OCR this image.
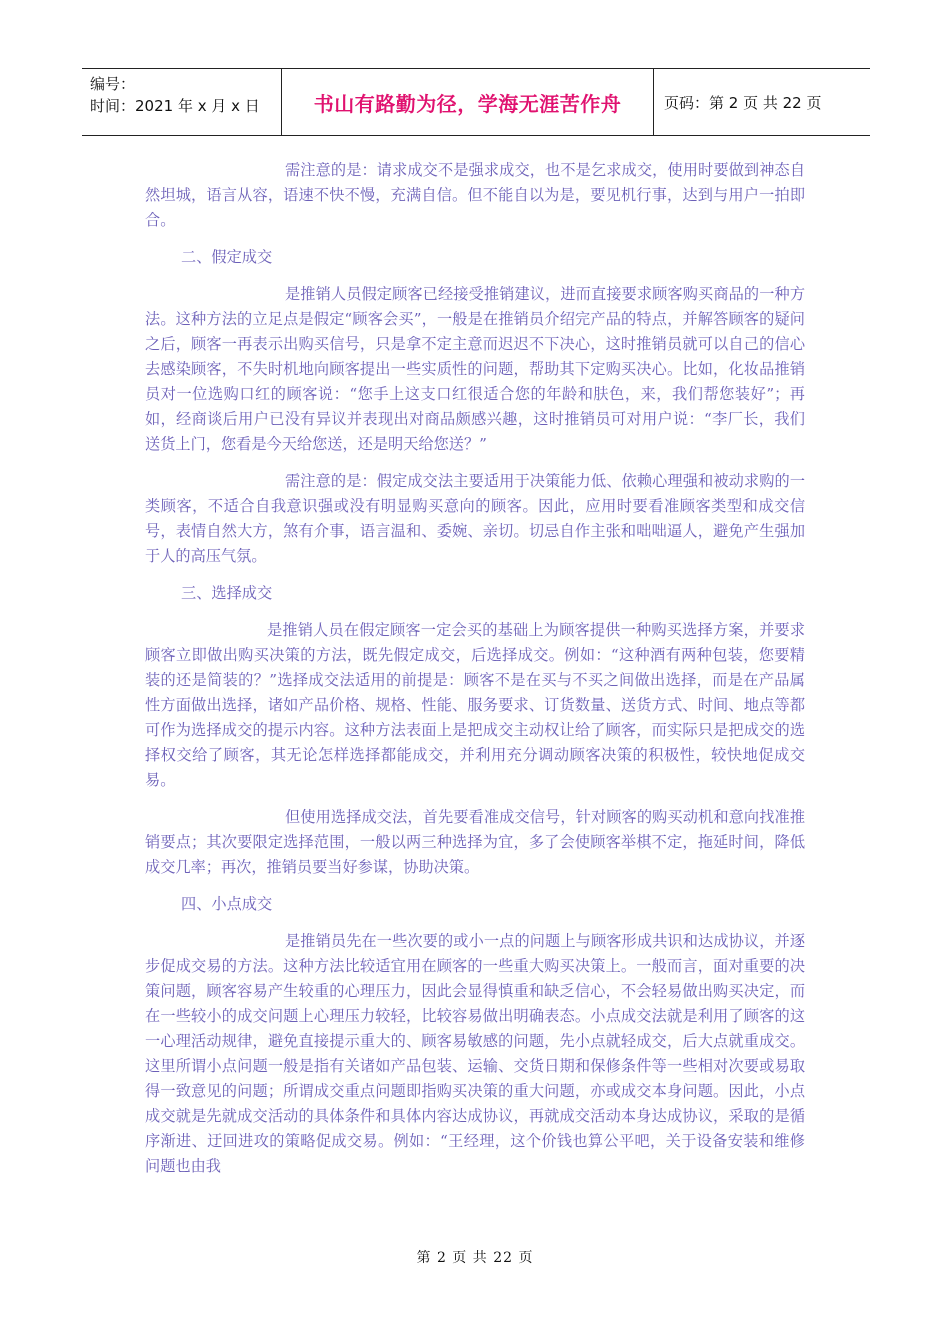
编号：
时间：2021 年 x 月 x 日	书山有路勤为径，学海无涯苦作舟	页码：第 2 页 共 22 页

需注意的是：请求成交不是强求成交，也不是乞求成交，使用时要做到神态自然坦城，语言从容，语速不快不慢，充满自信。但不能自以为是，要见机行事，达到与用户一拍即合。

二、假定成交

是推销人员假定顾客已经接受推销建议，进而直接要求顾客购买商品的一种方法。这种方法的立足点是假定“顾客会买”，一般是在推销员介绍完产品的特点，并解答顾客的疑问之后，顾客一再表示出购买信号，只是拿不定主意而迟迟不下决心，这时推销员就可以自己的信心去感染顾客，不失时机地向顾客提出一些实质性的问题，帮助其下定购买决心。比如，化妆品推销员对一位选购口红的顾客说：“您手上这支口红很适合您的年龄和肤色，来，我们帮您装好”；再如，经商谈后用户已没有异议并表现出对商品颇感兴趣，这时推销员可对用户说：“李厂长，我们送货上门，您看是今天给您送，还是明天给您送？”

需注意的是：假定成交法主要适用于决策能力低、依赖心理强和被动求购的一类顾客，不适合自我意识强或没有明显购买意向的顾客。因此，应用时要看准顾客类型和成交信号，表情自然大方，煞有介事，语言温和、委婉、亲切。切忌自作主张和咄咄逼人，避免产生强加于人的高压气氛。

三、选择成交

是推销人员在假定顾客一定会买的基础上为顾客提供一种购买选择方案，并要求顾客立即做出购买决策的方法，既先假定成交，后选择成交。例如：“这种酒有两种包装，您要精装的还是简装的？”选择成交法适用的前提是：顾客不是在买与不买之间做出选择，而是在产品属性方面做出选择，诸如产品价格、规格、性能、服务要求、订货数量、送货方式、时间、地点等都可作为选择成交的提示内容。这种方法表面上是把成交主动权让给了顾客，而实际只是把成交的选择权交给了顾客，其无论怎样选择都能成交，并利用充分调动顾客决策的积极性，较快地促成交易。

但使用选择成交法，首先要看准成交信号，针对顾客的购买动机和意向找准推销要点；其次要限定选择范围，一般以两三种选择为宜，多了会使顾客举棋不定，拖延时间，降低成交几率；再次，推销员要当好参谋，协助决策。

四、小点成交

是推销员先在一些次要的或小一点的问题上与顾客形成共识和达成协议，并逐步促成交易的方法。这种方法比较适宜用在顾客的一些重大购买决策上。一般而言，面对重要的决策问题，顾客容易产生较重的心理压力，因此会显得慎重和缺乏信心，不会轻易做出购买决定，而在一些较小的成交问题上心理压力较轻，比较容易做出明确表态。小点成交法就是利用了顾客的这一心理活动规律，避免直接提示重大的、顾客易敏感的问题，先小点就轻成交，后大点就重成交。这里所谓小点问题一般是指有关诸如产品包装、运输、交货日期和保修条件等一些相对次要或易取得一致意见的问题；所谓成交重点问题即指购买决策的重大问题，亦或成交本身问题。因此，小点成交就是先就成交活动的具体条件和具体内容达成协议，再就成交活动本身达成协议，采取的是循序渐进、迂回进攻的策略促成交易。例如：“王经理，这个价钱也算公平吧，关于设备安装和维修问题也由我

第 2 页 共 22 页
